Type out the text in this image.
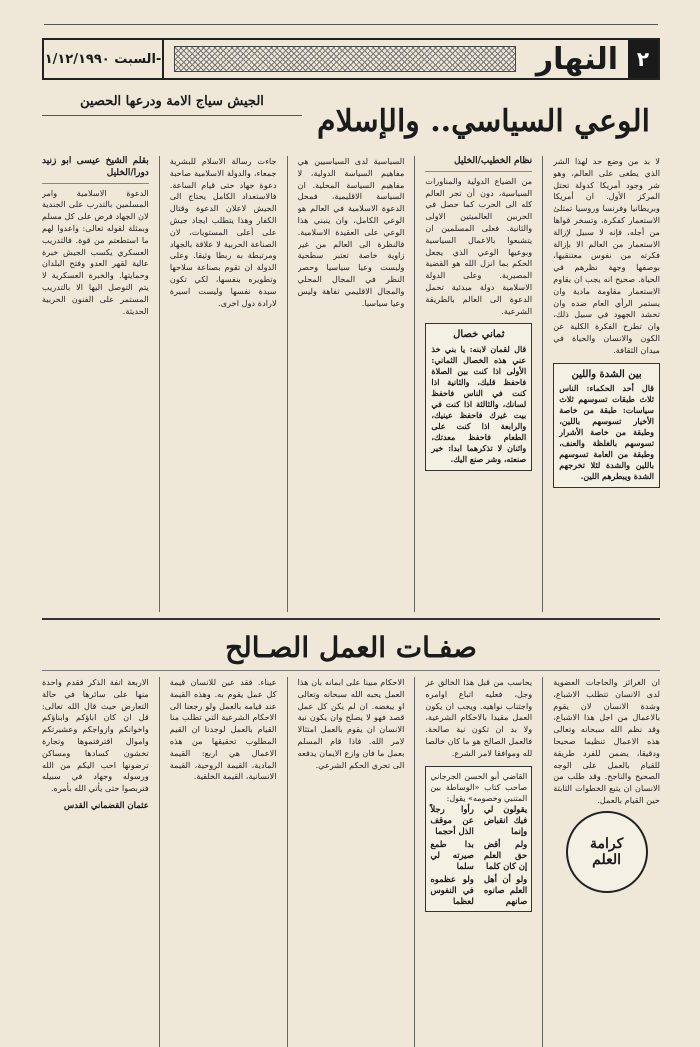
السبت ١/١٢/١٩٩٠-	النهار ٢
الوعي السياسي.. والإسلام
الجيش سياج الامة ودرعها الحصين

لا بد من وضع حد لهذا الشر الذي يطغى على العالم، وهو شر وجود أمريكا كدولة تحتل المركز الأول. ان أمريكا وبريطانيا وفرنسا وروسيا تمتلئ الاستعمار كفكرة، وتسخر قواها من أجله، فإنه لا سبيل لإزالة الاستعمار من العالم الا بإزالة فكرته من نفوس معتنقيها، بوصفها وجهة نظرهم في الحياة. صحيح انه يجب ان يقاوم الاستعمار مقاومة مادية وان يستمر الرأي العام ضده وان تحشد الجهود في سبيل ذلك، وان تطرح الفكرة الكلية عن الكون والانسان والحياة في ميدان الثقافة.

بين الشدة واللين
قال أحد الحكماء: الناس ثلاث طبقات تسوسهم ثلاث سياسات: طبقة من خاصة الأخيار تسوسهم باللين، وطبقة من خاصة الأشرار تسوسهم بالغلظة والعنف، وطبقة من العامة تسوسهم باللين والشدة لئلا تخرجهم الشدة ويبطرهم اللين.
نظام الخطيب/الخليل

من الضياع الدولية والمناورات السياسية، دون أن تجر العالم كله الى الحرب كما حصل في الحربين العالميتين الاولى والثانية. فعلى المسلمين ان يتشبعوا بالاعمال السياسية وبوعيها الوعي الذي يجعل الحكم بما انزل الله هو القضية المصيرية. وعلى الدولة الاسلامية دولة مبدئية تحمل الدعوة الى العالم بالطريقة الشرعية.

ثماني خصال
قال لقمان لابنه: يا بني خذ عني هذه الخصال الثماني: الأولى اذا كنت بين الصلاة فاحفظ قلبك، والثانية اذا كنت في الناس فاحفظ لسانك، والثالثة اذا كنت في بيت غيرك فاحفظ عينيك، والرابعة اذا كنت على الطعام فاحفظ معدتك، واثنان لا تذكرهما ابدا: خير صنعته، وشر صنع اليك.

السياسية لدى السياسيين هي مفاهيم السياسة الدولية، لا مفاهيم السياسة المحلية. ان السياسة الاقليمية، فمحل الدعوة الاسلامية في العالم هو الوعي الكامل، وان ينبني هذا الوعي على العقيدة الاسلامية. فالنظرة الى العالم من غير زاوية خاصة تعتبر سطحية وليست وعيا سياسيا وحصر النظر في المجال المحلي والمجال الاقليمي تفاهة وليس وعيا سياسيا.

جاءت رسالة الاسلام للبشرية جمعاء، والدولة الاسلامية صاحبة دعوة جهاد حتى قيام الساعة. فالاستعداد الكامل يحتاج الى الجيش لاعلان الدعوة وقتال الكفار وهذا يتطلب ايجاد جيش على أعلى المستويات، لان الصناعة الحربية لا علاقة بالجهاد ومرتبطة به ربطا وثيقا. وعلى الدولة ان تقوم بصناعة سلاحها وتطويره بنفسها، لكي تكون سيدة نفسها وليست اسيرة لارادة دول اخرى.

بقلم الشيخ عيسى ابو زنيد دورا/الخليل

الدعوة الاسلامية وامر المسلمين بالتدرب على الجندية لان الجهاد فرض على كل مسلم وبمثلة لقوله تعالى: واعدوا لهم ما استطعتم من قوة. فالتدريب العسكري يكسب الجيش خبرة عالية لقهر العدو وفتح البلدان وحمايتها. والخبرة العسكرية لا يتم التوصل اليها الا بالتدريب المستمر على الفنون الحربية الحديثة.

صفـات العمل الصـالح

ان الغرائز والحاجات العضوية لدى الانسان تتطلب الاشباع، وشدة الانسان لان يقوم بالاعمال من اجل هذا الاشباع، وقد نظم الله سبحانه وتعالى هذه الاعمال تنظيما صحيحا ودقيقا، يضمن للفرد طريقة للقيام بالعمل على الوجه الصحيح والناجح. وقد طلب من الانسان ان يتبع الخطوات الثابتة حين القيام بالعمل.

كرامة
العلم

يحاسب من قبل هذا الخالق عز وجل، فعليه اتباع اوامره واجتناب نواهيه. ويجب ان يكون العمل مقيدا بالاحكام الشرعية، ولا بد ان تكون نية صالحة. فالعمل الصالح هو ما كان خالصا لله وموافقا لامر الشرع.

القاضي أبو الحسن الجرجاني صاحب كتاب «الوساطة بين المتنبي وخصومه» يقول:
يقولون لي فيك انقباض وإنما
رأوا رجلاً عن موقف الذل أحجما
ولم أقض حق العلم إن كان كلما
بدا طمع صيرته لي سلما
ولو أن أهل العلم صانوه صانهم
ولو عظموه في النفوس لعظما

الاحكام مبينا على ابمانه بان هذا العمل يحبه الله سبحانه وتعالى او يبغضه. ان لم يكن كل عمل قصد فهو لا يصلح وان يكون نية الانسان ان يقوم بالعمل امتثالا لامر الله. فاذا قام المسلم بعمل ما فان وازع الايمان يدفعه الى تحري الحكم الشرعي.

عيناء. فقد عين للانسان قيمة كل عمل يقوم به. وهذه القيمة عند قيامه بالعمل ولو رجعنا الى الاحكام الشرعية التي تطلب منا القيام بالعمل لوجدنا ان القيم المطلوب تحقيقها من هذه الاعمال هي اربع: القيمة المادية، القيمة الروحية، القيمة الانسانية، القيمة الخلقية.

الاربعة انفة الذكر فقدم واحدة منها على سائرها في حالة التعارض حيث قال الله تعالى: قل ان كان اباؤكم وابناؤكم واخوانكم وازواجكم وعشيرتكم واموال اقترفتموها وتجارة تخشون كسادها ومساكن ترضونها احب اليكم من الله ورسوله وجهاد في سبيله فتربصوا حتى يأتي الله بأمره.

عثمان القضماني القدس
